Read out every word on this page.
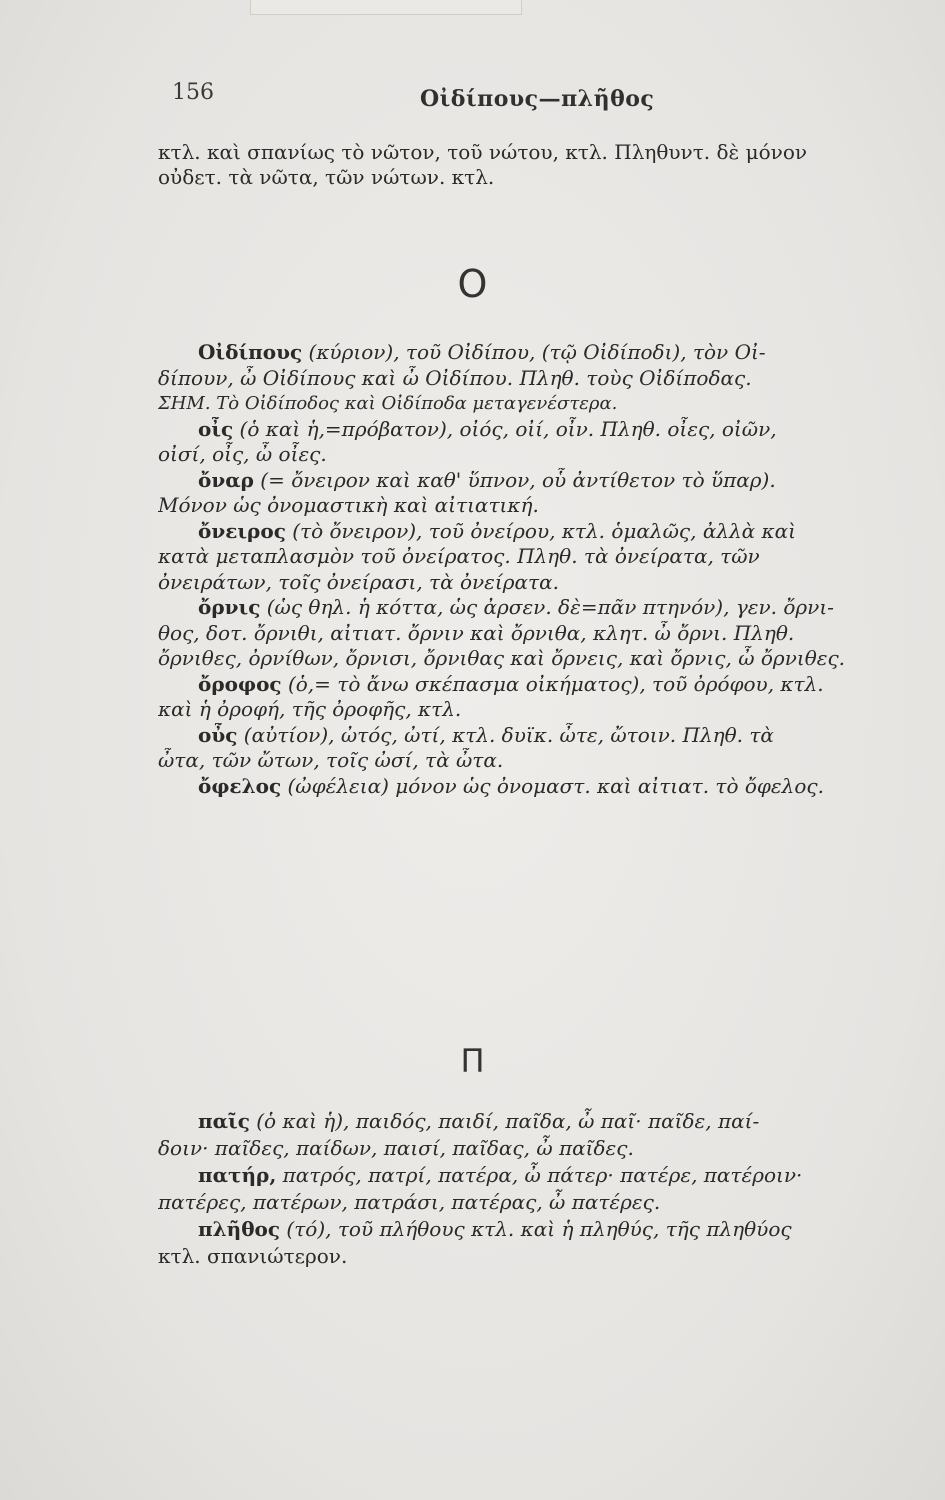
156	Οἰδίπους—πλῆθος
κτλ. καὶ σπανίως τὸ νῶτον, τοῦ νώτου, κτλ. Πληθυντ. δὲ μόνον
οὐδετ. τὰ νῶτα, τῶν νώτων. κτλ.
O
Οἰδίπους (κύριον), τοῦ Οἰδίπου, (τῷ Οἰδίποδι), τὸν Οἰ-
δίπουν, ὦ Οἰδίπους καὶ ὦ Οἰδίπου. Πληθ. τοὺς Οἰδίποδας.
ΣΗΜ. Τὸ Οἰδίποδος καὶ Οἰδίποδα μεταγενέστερα.
οἶς (ὁ καὶ ἡ,=πρόβατον), οἰός, οἰί, οἶν. Πληθ. οἶες, οἰῶν,
οἰσί, οἶς, ὦ οἶες.
ὄναρ (= ὄνειρον καὶ καθ' ὕπνον, οὗ ἀντίθετον τὸ ὕπαρ).
Μόνον ὡς ὀνομαστικὴ καὶ αἰτιατική.
ὄνειρος (τὸ ὄνειρον), τοῦ ὀνείρου, κτλ. ὁμαλῶς, ἀλλὰ καὶ
κατὰ μεταπλασμὸν τοῦ ὀνείρατος. Πληθ. τὰ ὀνείρατα, τῶν
ὀνειράτων, τοῖς ὀνείρασι, τὰ ὀνείρατα.
ὄρνις (ὡς θηλ. ἡ κόττα, ὡς ἀρσεν. δὲ=πᾶν πτηνόν), γεν. ὄρνι-
θος, δοτ. ὄρνιθι, αἰτιατ. ὄρνιν καὶ ὄρνιθα, κλητ. ὦ ὄρνι. Πληθ.
ὄρνιθες, ὀρνίθων, ὄρνισι, ὄρνιθας καὶ ὄρνεις, καὶ ὄρνις, ὦ ὄρνιθες.
ὄροφος (ὁ,= τὸ ἄνω σκέπασμα οἰκήματος), τοῦ ὀρόφου, κτλ.
καὶ ἡ ὀροφή, τῆς ὀροφῆς, κτλ.
οὖς (αὐτίον), ὠτός, ὠτί, κτλ. δυϊκ. ὦτε, ὤτοιν. Πληθ. τὰ
ὦτα, τῶν ὤτων, τοῖς ὠσί, τὰ ὦτα.
ὄφελος (ὠφέλεια) μόνον ὡς ὀνομαστ. καὶ αἰτιατ. τὸ ὄφελος.
Π
παῖς (ὁ καὶ ἡ), παιδός, παιδί, παῖδα, ὦ παῖ· παῖδε, παί-
δοιν· παῖδες, παίδων, παισί, παῖδας, ὦ παῖδες.
πατήρ, πατρός, πατρί, πατέρα, ὦ πάτερ· πατέρε, πατέροιν·
πατέρες, πατέρων, πατράσι, πατέρας, ὦ πατέρες.
πλῆθος (τό), τοῦ πλήθους κτλ. καὶ ἡ πληθύς, τῆς πληθύος
κτλ. σπανιώτερον.
